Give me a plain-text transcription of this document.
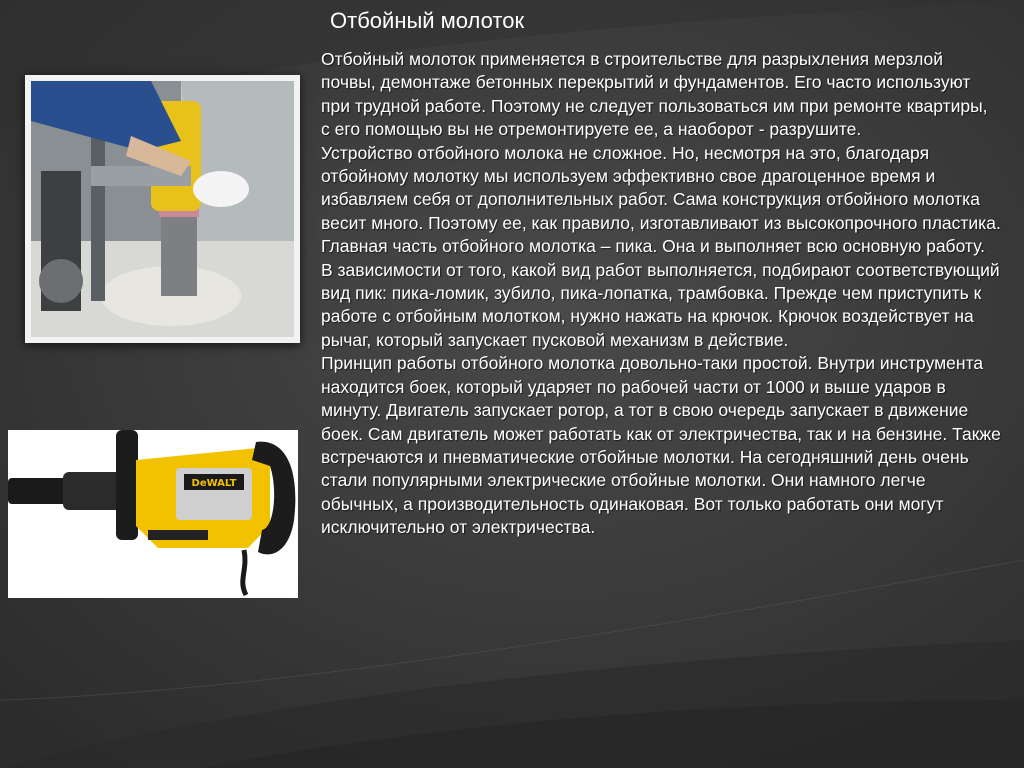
Отбойный молоток
DeWALT

Отбойный молоток применяется в строительстве для разрыхления мерзлой почвы, демонтаже бетонных перекрытий и фундаментов. Его часто используют при трудной работе. Поэтому не следует пользоваться им при ремонте квартиры, с его помощью вы не отремонтируете ее, а наоборот - разрушите.

Устройство отбойного молока не сложное. Но, несмотря на это, благодаря отбойному молотку мы используем эффективно свое драгоценное время и избавляем себя от дополнительных работ. Сама конструкция отбойного молотка весит много. Поэтому ее, как правило, изготавливают из высокопрочного пластика.

Главная часть отбойного молотка – пика. Она и выполняет всю основную работу. В зависимости от того, какой вид работ выполняется, подбирают соответствующий вид пик: пика-ломик, зубило, пика-лопатка, трамбовка. Прежде чем приступить к работе с отбойным молотком, нужно нажать на крючок. Крючок воздействует на рычаг, который запускает пусковой механизм в действие.

Принцип работы отбойного молотка довольно-таки простой. Внутри инструмента находится боек, который ударяет по рабочей части от 1000 и выше ударов в минуту. Двигатель запускает ротор, а тот в свою очередь запускает в движение боек. Сам двигатель может работать как от электричества, так и на бензине. Также встречаются и пневматические отбойные молотки. На сегодняшний день очень стали популярными электрические отбойные молотки. Они намного легче обычных, а производительность одинаковая. Вот только работать они могут исключительно от электричества.
